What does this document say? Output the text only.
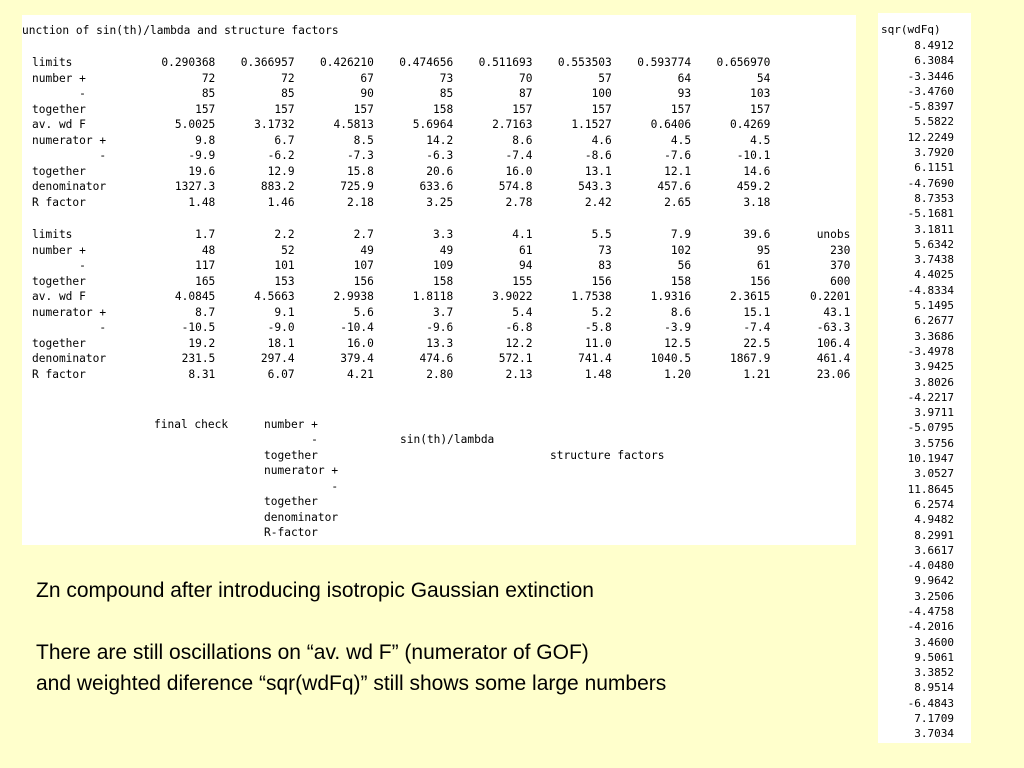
unction of sin(th)/lambda and structure factors
limits	0.290368	0.366957	0.426210	0.474656	0.511693	0.553503	0.593774	0.656970
number +	72	72	67	73	70	57	64	54
-	85	85	90	85	87	100	93	103
together	157	157	157	158	157	157	157	157
av. wd F	5.0025	3.1732	4.5813	5.6964	2.7163	1.1527	0.6406	0.4269
numerator +	9.8	6.7	8.5	14.2	8.6	4.6	4.5	4.5
-	-9.9	-6.2	-7.3	-6.3	-7.4	-8.6	-7.6	-10.1
together	19.6	12.9	15.8	20.6	16.0	13.1	12.1	14.6
denominator	1327.3	883.2	725.9	633.6	574.8	543.3	457.6	459.2
R factor	1.48	1.46	2.18	3.25	2.78	2.42	2.65	3.18
limits	1.7	2.2	2.7	3.3	4.1	5.5	7.9	39.6	unobs
number +	48	52	49	49	61	73	102	95	230
-	117	101	107	109	94	83	56	61	370
together	165	153	156	158	155	156	158	156	600
av. wd F	4.0845	4.5663	2.9938	1.8118	3.9022	1.7538	1.9316	2.3615	0.2201
numerator +	8.7	9.1	5.6	3.7	5.4	5.2	8.6	15.1	43.1
-	-10.5	-9.0	-10.4	-9.6	-6.8	-5.8	-3.9	-7.4	-63.3
together	19.2	18.1	16.0	13.3	12.2	11.0	12.5	22.5	106.4
denominator	231.5	297.4	379.4	474.6	572.1	741.4	1040.5	1867.9	461.4
R factor	8.31	6.07	4.21	2.80	2.13	1.48	1.20	1.21	23.06

final check

sin(th)/lambda

structure factors

number +
-
together
numerator +
-
together
denominator
R-factor
sqr(wdFq)
8.4912
6.3084
-3.3446
-3.4760
-5.8397
5.5822
12.2249
3.7920
6.1151
-4.7690
8.7353
-5.1681
3.1811
5.6342
3.7438
4.4025
-4.8334
5.1495
6.2677
3.3686
-3.4978
3.9425
3.8026
-4.2217
3.9711
-5.0795
3.5756
10.1947
3.0527
11.8645
6.2574
4.9482
8.2991
3.6617
-4.0480
9.9642
3.2506
-4.4758
-4.2016
3.4600
9.5061
3.3852
8.9514
-6.4843
7.1709
3.7034
Zn compound after introducing isotropic Gaussian extinction
There are still oscillations on “av. wd F” (numerator of GOF)
and weighted diference “sqr(wdFq)” still shows some large numbers
